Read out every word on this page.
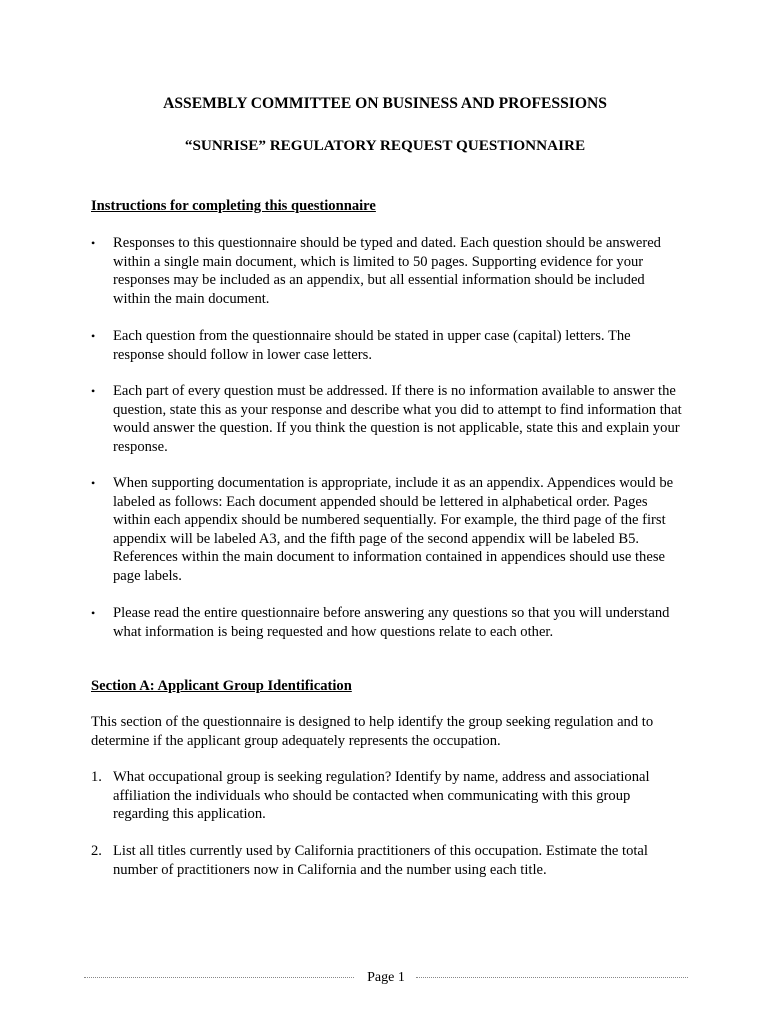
ASSEMBLY COMMITTEE ON BUSINESS AND PROFESSIONS
“SUNRISE” REGULATORY REQUEST QUESTIONNAIRE
Instructions for completing this questionnaire
•	Responses to this questionnaire should be typed and dated. Each question should be answered within a single main document, which is limited to 50 pages. Supporting evidence for your responses may be included as an appendix, but all essential information should be included within the main document.
•	Each question from the questionnaire should be stated in upper case (capital) letters. The response should follow in lower case letters.
•	Each part of every question must be addressed. If there is no information available to answer the question, state this as your response and describe what you did to attempt to find information that would answer the question. If you think the question is not applicable, state this and explain your response.
•	When supporting documentation is appropriate, include it as an appendix. Appendices would be labeled as follows: Each document appended should be lettered in alphabetical order. Pages within each appendix should be numbered sequentially. For example, the third page of the first appendix will be labeled A3, and the fifth page of the second appendix will be labeled B5. References within the main document to information contained in appendices should use these page labels.
•	Please read the entire questionnaire before answering any questions so that you will understand what information is being requested and how questions relate to each other.
Section A: Applicant Group Identification
This section of the questionnaire is designed to help identify the group seeking regulation and to determine if the applicant group adequately represents the occupation.
1. What occupational group is seeking regulation? Identify by name, address and associational affiliation the individuals who should be contacted when communicating with this group regarding this application.
2. List all titles currently used by California practitioners of this occupation. Estimate the total number of practitioners now in California and the number using each title.
Page 1
